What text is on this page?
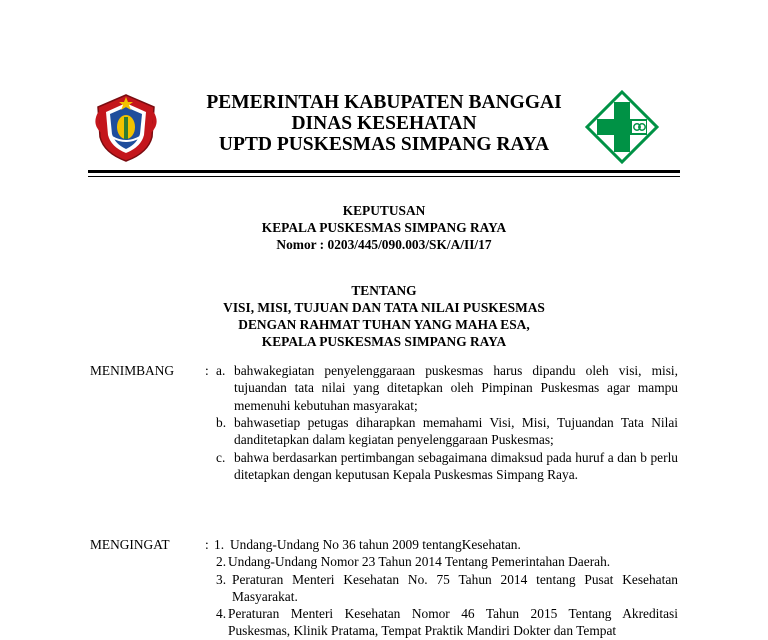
PEMERINTAH KABUPATEN BANGGAI
DINAS KESEHATAN
UPTD PUSKESMAS SIMPANG RAYA
KEPUTUSAN
KEPALA PUSKESMAS SIMPANG RAYA
Nomor : 0203/445/090.003/SK/A/II/17
TENTANG
VISI, MISI, TUJUAN DAN TATA NILAI PUSKESMAS
DENGAN RAHMAT TUHAN YANG MAHA ESA,
KEPALA PUSKESMAS SIMPANG RAYA
MENIMBANG : a. bahwakegiatan penyelenggaraan puskesmas harus dipandu oleh visi, misi, tujuandan tata nilai yang ditetapkan oleh Pimpinan Puskesmas agar mampu memenuhi kebutuhan masyarakat;
b. bahwasetiap petugas diharapkan memahami Visi, Misi, Tujuandan Tata Nilai danditetapkan dalam kegiatan penyelenggaraan Puskesmas;
c. bahwa berdasarkan pertimbangan sebagaimana dimaksud pada huruf a dan b perlu ditetapkan dengan keputusan Kepala Puskesmas Simpang Raya.
MENGINGAT	: 1. Undang-Undang No 36 tahun 2009 tentangKesehatan.
2. Undang-Undang Nomor 23 Tahun 2014 Tentang Pemerintahan Daerah.
3. Peraturan Menteri Kesehatan No. 75 Tahun 2014 tentang Pusat Kesehatan Masyarakat.
4. Peraturan Menteri Kesehatan Nomor 46 Tahun 2015 Tentang Akreditasi Puskesmas, Klinik Pratama, Tempat Praktik Mandiri Dokter dan Tempat
